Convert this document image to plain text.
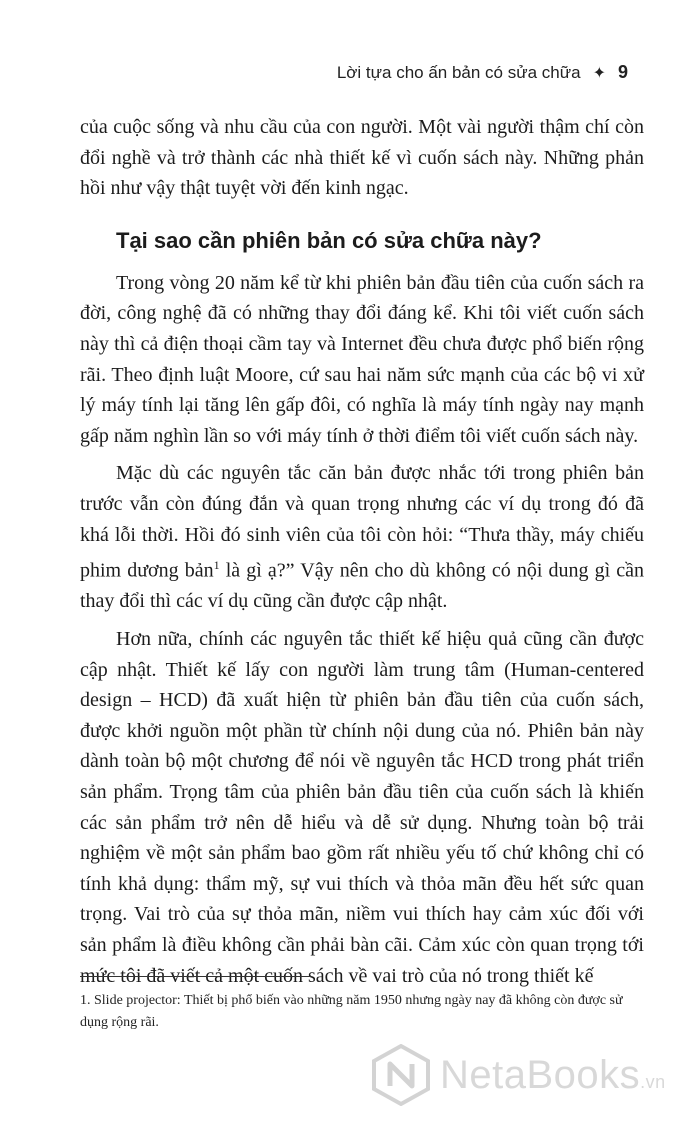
Lời tựa cho ấn bản có sửa chữa ✦ 9

của cuộc sống và nhu cầu của con người. Một vài người thậm chí còn đổi nghề và trở thành các nhà thiết kế vì cuốn sách này. Những phản hồi như vậy thật tuyệt vời đến kinh ngạc.

Tại sao cần phiên bản có sửa chữa này?

Trong vòng 20 năm kể từ khi phiên bản đầu tiên của cuốn sách ra đời, công nghệ đã có những thay đổi đáng kể. Khi tôi viết cuốn sách này thì cả điện thoại cầm tay và Internet đều chưa được phổ biến rộng rãi. Theo định luật Moore, cứ sau hai năm sức mạnh của các bộ vi xử lý máy tính lại tăng lên gấp đôi, có nghĩa là máy tính ngày nay mạnh gấp năm nghìn lần so với máy tính ở thời điểm tôi viết cuốn sách này.

Mặc dù các nguyên tắc căn bản được nhắc tới trong phiên bản trước vẫn còn đúng đắn và quan trọng nhưng các ví dụ trong đó đã khá lỗi thời. Hồi đó sinh viên của tôi còn hỏi: “Thưa thầy, máy chiếu phim dương bản$^1$ là gì ạ?” Vậy nên cho dù không có nội dung gì cần thay đổi thì các ví dụ cũng cần được cập nhật.

Hơn nữa, chính các nguyên tắc thiết kế hiệu quả cũng cần được cập nhật. Thiết kế lấy con người làm trung tâm (Human-centered design – HCD) đã xuất hiện từ phiên bản đầu tiên của cuốn sách, được khởi nguồn một phần từ chính nội dung của nó. Phiên bản này dành toàn bộ một chương để nói về nguyên tắc HCD trong phát triển sản phẩm. Trọng tâm của phiên bản đầu tiên của cuốn sách là khiến các sản phẩm trở nên dễ hiểu và dễ sử dụng. Nhưng toàn bộ trải nghiệm về một sản phẩm bao gồm rất nhiều yếu tố chứ không chỉ có tính khả dụng: thẩm mỹ, sự vui thích và thỏa mãn đều hết sức quan trọng. Vai trò của sự thỏa mãn, niềm vui thích hay cảm xúc đối với sản phẩm là điều không cần phải bàn cãi. Cảm xúc còn quan trọng tới mức tôi đã viết cả một cuốn sách về vai trò của nó trong thiết kế

1. Slide projector: Thiết bị phổ biến vào những năm 1950 nhưng ngày nay đã không còn được sử dụng rộng rãi.
NetaBooks.vn
